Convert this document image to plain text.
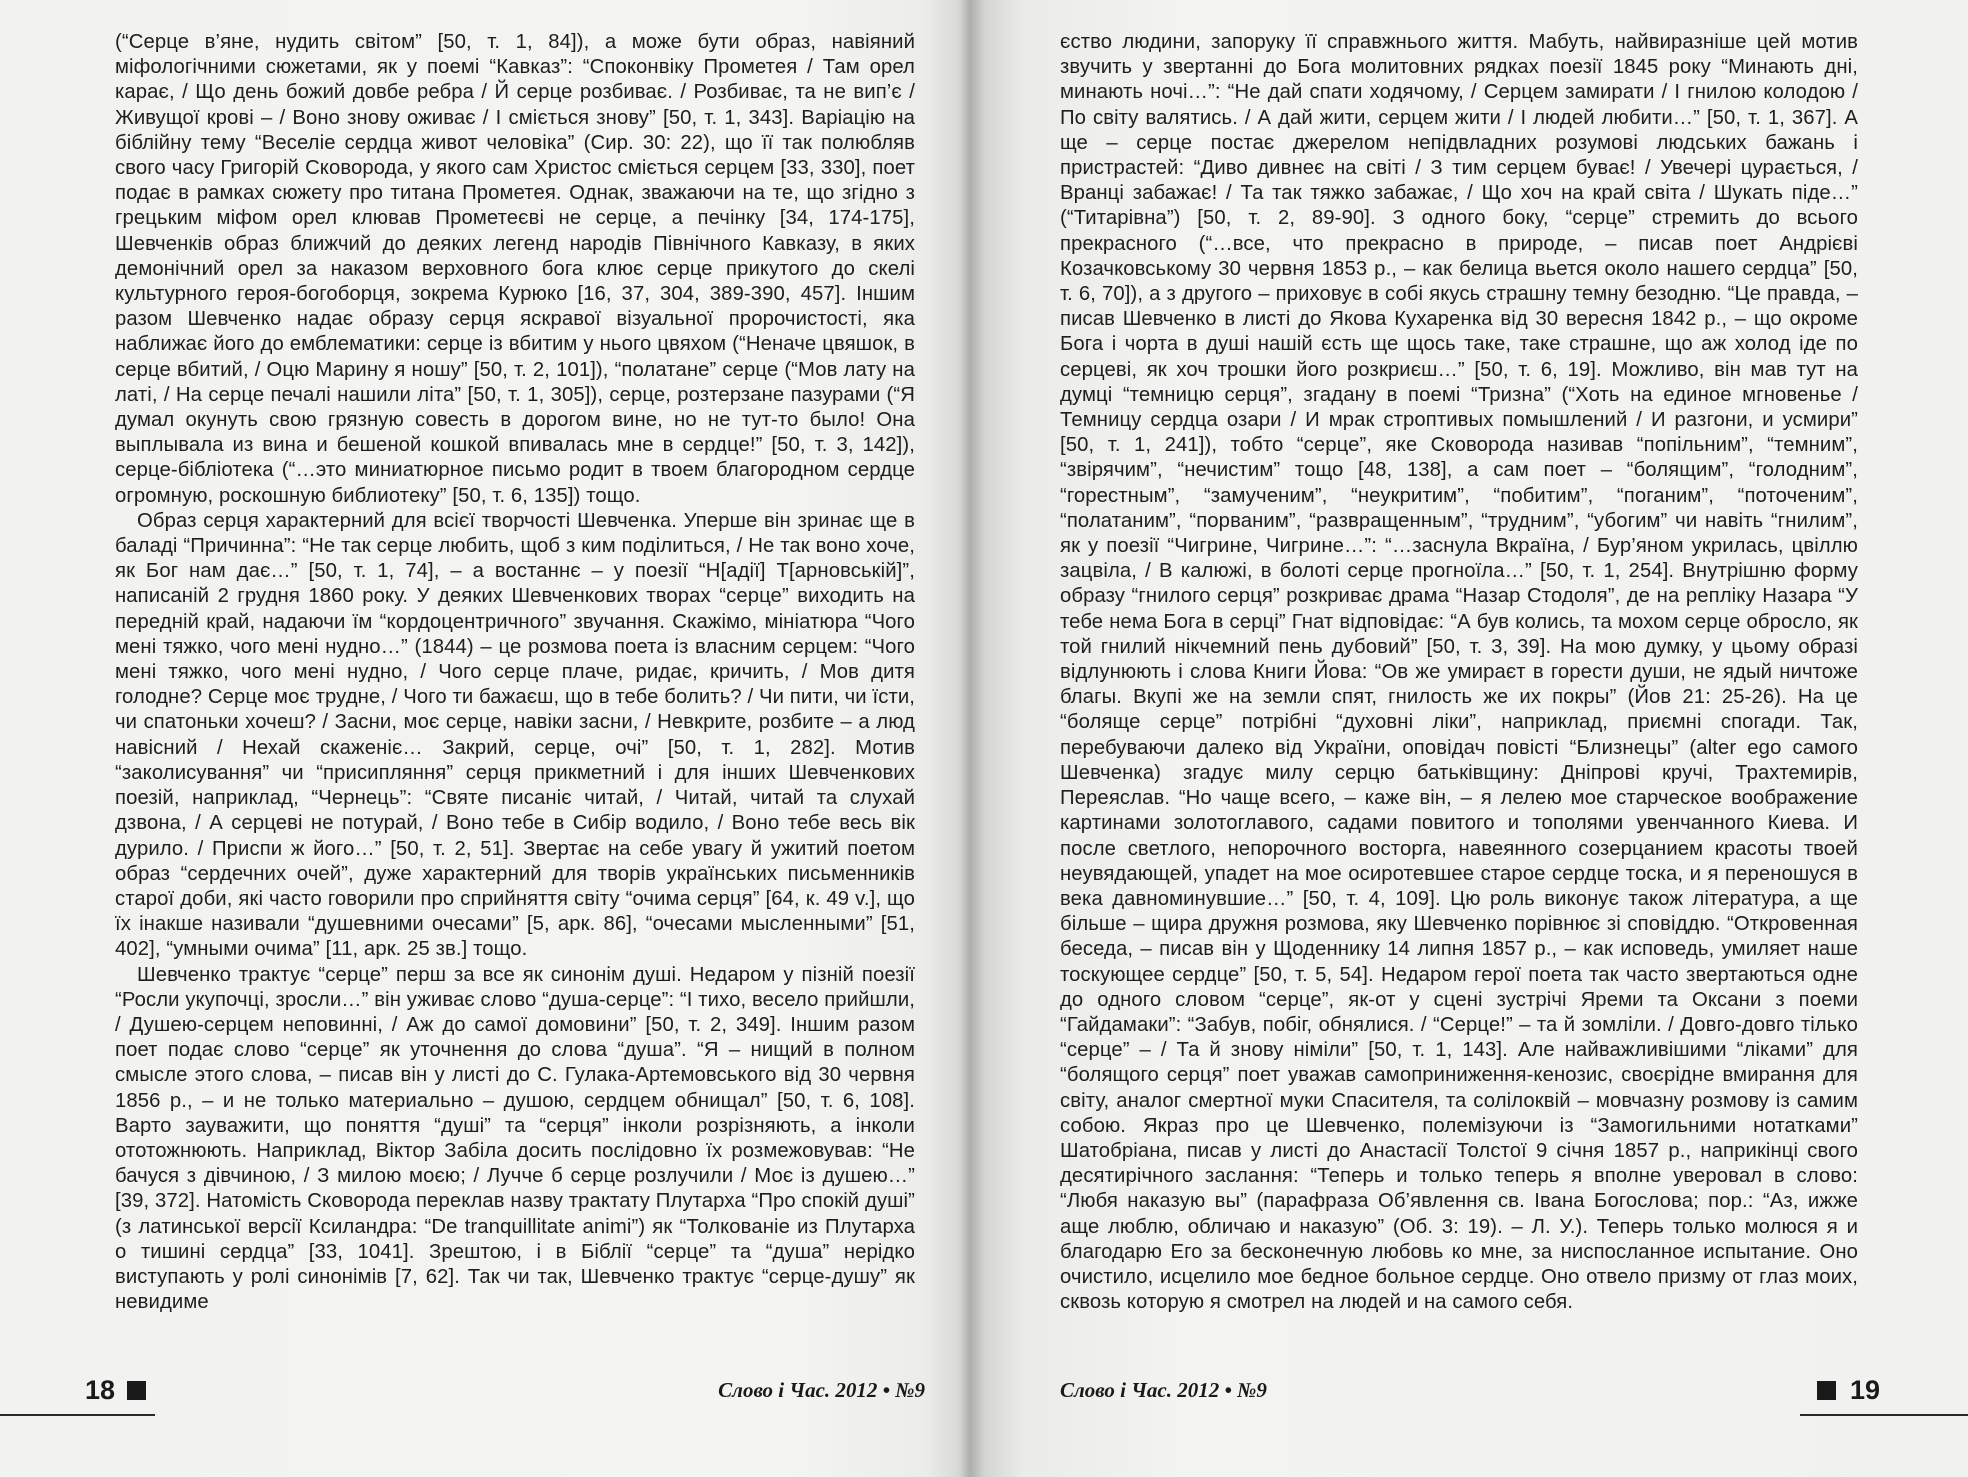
(“Серце в’яне, нудить світом” [50, т. 1, 84]), а може бути образ, навіяний міфологічними сюжетами, як у поемі “Кавказ”: “Споконвіку Прометея / Там орел карає, / Що день божий довбе ребра / Й серце розбиває. / Розбиває, та не вип’є / Живущої крові – / Воно знову оживає / І сміється знову” [50, т. 1, 343]. Варіацію на біблійну тему “Веселіе сердца живот человіка” (Сир. 30: 22), що її так полюбляв свого часу Григорій Сковорода, у якого сам Христос сміється серцем [33, 330], поет подає в рамках сюжету про титана Прометея. Однак, зважаючи на те, що згідно з грецьким міфом орел клював Прометеєві не серце, а печінку [34, 174-175], Шевченків образ ближчий до деяких легенд народів Північного Кавказу, в яких демонічний орел за наказом верховного бога клює серце прикутого до скелі культурного героя-богоборця, зокрема Курюко [16, 37, 304, 389-390, 457]. Іншим разом Шевченко надає образу серця яскравої візуальної пророчистості, яка наближає його до емблематики: серце із вбитим у нього цвяхом (“Неначе цвяшок, в серце вбитий, / Оцю Марину я ношу” [50, т. 2, 101]), “полатане” серце (“Мов лату на латі, / На серце печалі нашили літа” [50, т. 1, 305]), серце, розтерзане пазурами (“Я думал окунуть свою грязную совесть в дорогом вине, но не тут-то было! Она выплывала из вина и бешеной кошкой впивалась мне в сердце!” [50, т. 3, 142]), серце-бібліотека (“…это миниатюрное письмо родит в твоем благородном сердце огромную, роскошную библиотеку” [50, т. 6, 135]) тощо.

Образ серця характерний для всієї творчості Шевченка. Уперше він зринає ще в баладі “Причинна”: “Не так серце любить, щоб з ким поділиться, / Не так воно хоче, як Бог нам дає…” [50, т. 1, 74], – а востаннє – у поезії “Н[адії] Т[арновській]”, написаній 2 грудня 1860 року. У деяких Шевченкових творах “серце” виходить на передній край, надаючи їм “кордоцентричного” звучання. Скажімо, мініатюра “Чого мені тяжко, чого мені нудно…” (1844) – це розмова поета із власним серцем: “Чого мені тяжко, чого мені нудно, / Чого серце плаче, ридає, кричить, / Мов дитя голодне? Серце моє трудне, / Чого ти бажаєш, що в тебе болить? / Чи пити, чи їсти, чи спатоньки хочеш? / Засни, моє серце, навіки засни, / Невкрите, розбите – а люд навісний / Нехай скаженіє… Закрий, серце, очі” [50, т. 1, 282]. Мотив “заколисування” чи “присипляння” серця прикметний і для інших Шевченкових поезій, наприклад, “Чернець”: “Святе писаніє читай, / Читай, читай та слухай дзвона, / А серцеві не потурай, / Воно тебе в Сибір водило, / Воно тебе весь вік дурило. / Приспи ж його…” [50, т. 2, 51]. Звертає на себе увагу й ужитий поетом образ “сердечних очей”, дуже характерний для творів українських письменників старої доби, які часто говорили про сприйняття світу “очима серця” [64, к. 49 v.], що їх інакше називали “душевними очесами” [5, арк. 86], “очесами мысленными” [51, 402], “умными очима” [11, арк. 25 зв.] тощо.

Шевченко трактує “серце” перш за все як синонім душі. Недаром у пізній поезії “Росли укупочці, зросли…” він уживає слово “душа-серце”: “І тихо, весело прийшли, / Душею-серцем неповинні, / Аж до самої домовини” [50, т. 2, 349]. Іншим разом поет подає слово “серце” як уточнення до слова “душа”. “Я – нищий в полном смысле этого слова, – писав він у листі до С. Гулака-Артемовського від 30 червня 1856 р., – и не только материально – душою, сердцем обнищал” [50, т. 6, 108]. Варто зауважити, що поняття “душі” та “серця” інколи розрізняють, а інколи ототожнюють. Наприклад, Віктор Забіла досить послідовно їх розмежовував: “Не бачуся з дівчиною, / З милою моєю; / Лучче б серце розлучили / Моє із душею…” [39, 372]. Натомість Сковорода переклав назву трактату Плутарха “Про спокій душі” (з латинської версії Ксиландра: “De tranquillitate animi”) як “Толкованіе из Плутарха о тишині сердца” [33, 1041]. Зрештою, і в Біблії “серце” та “душа” нерідко виступають у ролі синонімів [7, 62]. Так чи так, Шевченко трактує “серце-душу” як невидиме

18	Слово і Час. 2012 • №9

єство людини, запоруку її справжнього життя. Мабуть, найвиразніше цей мотив звучить у звертанні до Бога молитовних рядках поезії 1845 року “Минають дні, минають ночі…”: “Не дай спати ходячому, / Серцем замирати / І гнилою колодою / По світу валятись. / А дай жити, серцем жити / І людей любити…” [50, т. 1, 367]. А ще – серце постає джерелом непідвладних розумові людських бажань і пристрастей: “Диво дивнеє на світі / З тим серцем буває! / Увечері цурається, / Вранці забажає! / Та так тяжко забажає, / Що хоч на край світа / Шукать піде…” (“Титарівна”) [50, т. 2, 89-90]. З одного боку, “серце” стремить до всього прекрасного (“…все, что прекрасно в природе, – писав поет Андрієві Козачковському 30 червня 1853 р., – как белица вьется около нашего сердца” [50, т. 6, 70]), а з другого – приховує в собі якусь страшну темну безодню. “Це правда, – писав Шевченко в листі до Якова Кухаренка від 30 вересня 1842 р., – що окроме Бога і чорта в душі нашій єсть ще щось таке, таке страшне, що аж холод іде по серцеві, як хоч трошки його розкриєш…” [50, т. 6, 19]. Можливо, він мав тут на думці “темницю серця”, згадану в поемі “Тризна” (“Хоть на единое мгновенье / Темницу сердца озари / И мрак строптивых помышлений / И разгони, и усмири” [50, т. 1, 241]), тобто “серце”, яке Сковорода називав “попільним”, “темним”, “звірячим”, “нечистим” тощо [48, 138], а сам поет – “болящим”, “голодним”, “горестным”, “замученим”, “неукритим”, “побитим”, “поганим”, “поточеним”, “полатаним”, “порваним”, “развращенным”, “трудним”, “убогим” чи навіть “гнилим”, як у поезії “Чигрине, Чигрине…”: “…заснула Вкраїна, / Бур’яном укрилась, цвіллю зацвіла, / В калюжі, в болоті серце прогноїла…” [50, т. 1, 254]. Внутрішню форму образу “гнилого серця” розкриває драма “Назар Стодоля”, де на репліку Назара “У тебе нема Бога в серці” Гнат відповідає: “А був колись, та мохом серце обросло, як той гнилий нікчемний пень дубовий” [50, т. 3, 39]. На мою думку, у цьому образі відлунюють і слова Книги Йова: “Ов же умираєт в горести души, не ядый ничтоже благы. Вкупі же на земли спят, гнилость же их покры” (Йов 21: 25-26). На це “боляще серце” потрібні “духовні ліки”, наприклад, приємні спогади. Так, перебуваючи далеко від України, оповідач повісті “Близнецы” (alter ego самого Шевченка) згадує милу серцю батьківщину: Дніпрові кручі, Трахтемирів, Переяслав. “Но чаще всего, – каже він, – я лелею мое старческое воображение картинами золотоглавого, садами повитого и тополями увенчанного Киева. И после светлого, непорочного восторга, навеянного созерцанием красоты твоей неувядающей, упадет на мое осиротевшее старое сердце тоска, и я переношуся в века давноминувшие…” [50, т. 4, 109]. Цю роль виконує також література, а ще більше – щира дружня розмова, яку Шевченко порівнює зі сповіддю. “Откровенная беседа, – писав він у Щоденнику 14 липня 1857 р., – как исповедь, умиляет наше тоскующее сердце” [50, т. 5, 54]. Недаром герої поета так часто звертаються одне до одного словом “серце”, як-от у сцені зустрічі Яреми та Оксани з поеми “Гайдамаки”: “Забув, побіг, обнялися. / “Серце!” – та й зомліли. / Довго-довго тілько “серце” – / Та й знову німіли” [50, т. 1, 143]. Але найважливішими “ліками” для “болящого серця” поет уважав самоприниження-кенозис, своєрідне вмирання для світу, аналог смертної муки Спасителя, та солілоквій – мовчазну розмову із самим собою. Якраз про це Шевченко, полемізуючи із “Замогильними нотатками” Шатобріана, писав у листі до Анастасії Толстої 9 січня 1857 р., наприкінці свого десятирічного заслання: “Теперь и только теперь я вполне уверовал в слово: “Любя наказую вы” (парафраза Об’явлення св. Івана Богослова; пор.: “Аз, ижже аще люблю, обличаю и наказую” (Об. 3: 19). – Л. У.). Теперь только молюся я и благодарю Его за бесконечную любовь ко мне, за ниспосланное испытание. Оно очистило, исцелило мое бедное больное сердце. Оно отвело призму от глаз моих, сквозь которую я смотрел на людей и на самого себя.

Слово і Час. 2012 • №9	19
